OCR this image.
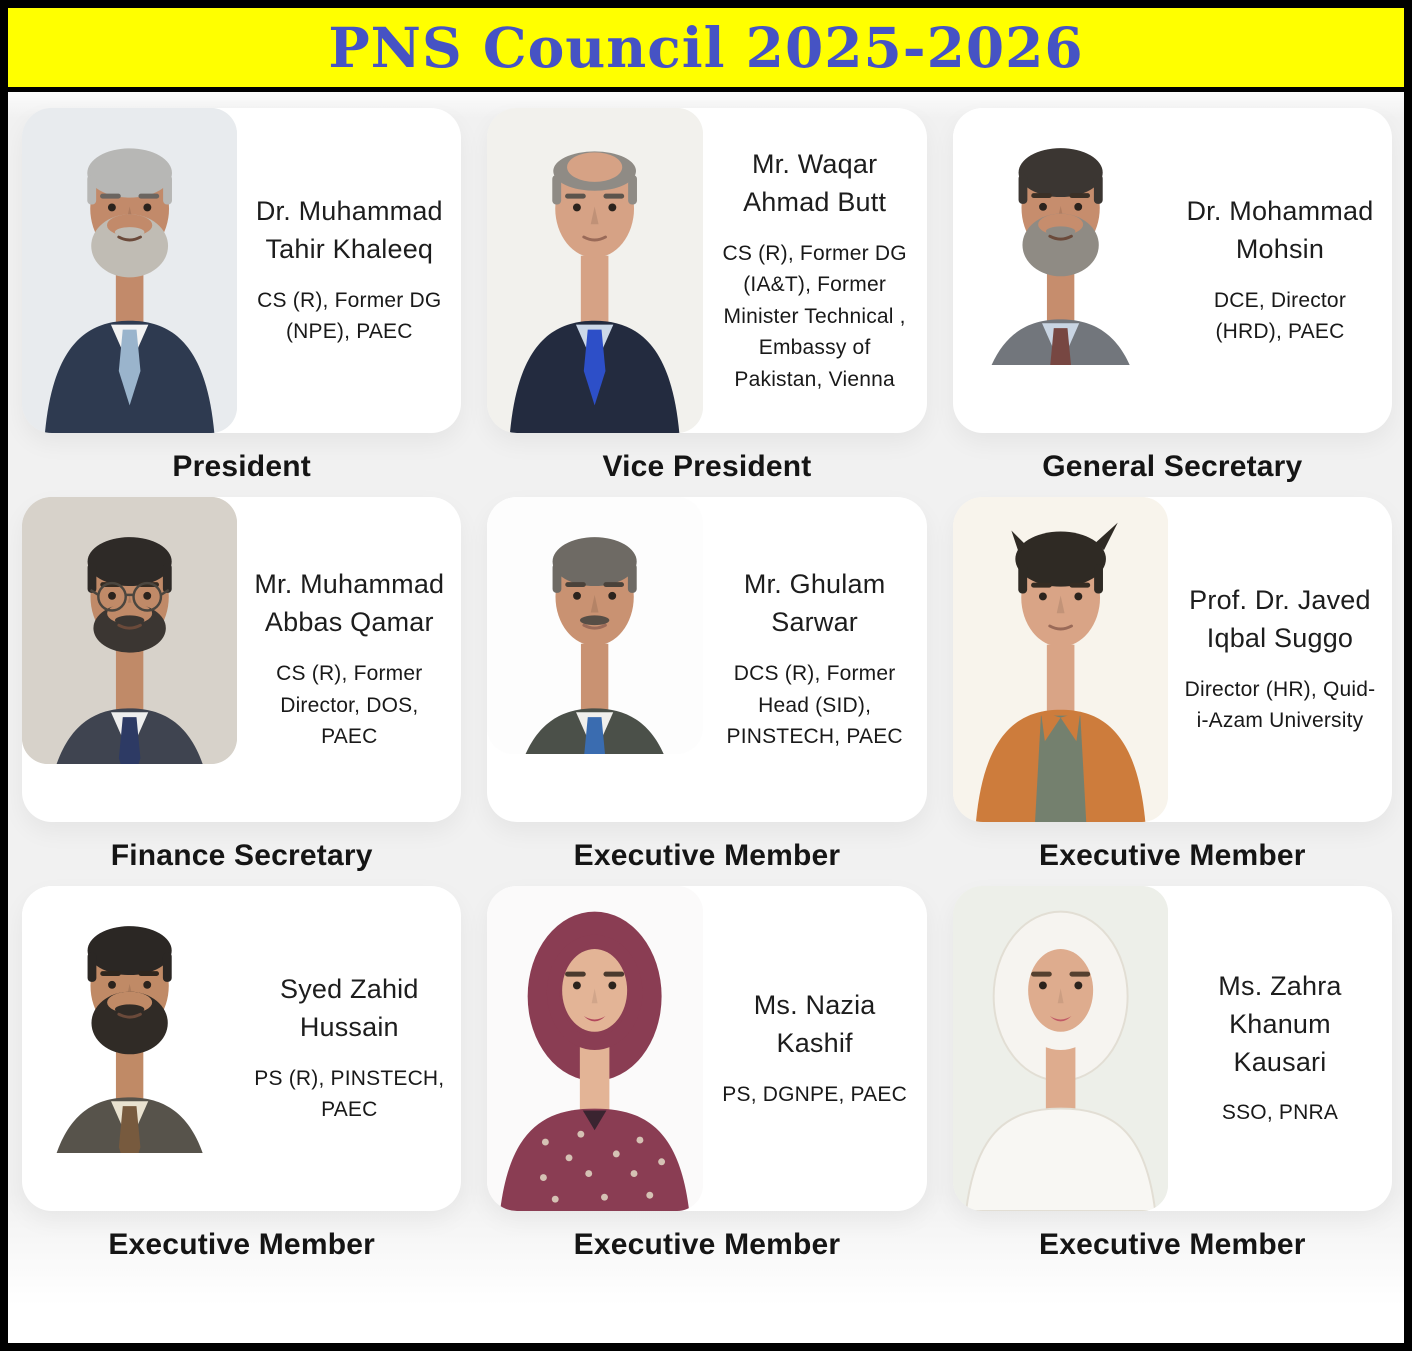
PNS Council 2025-2026
Dr. Muhammad Tahir Khaleeq
CS (R), Former DG (NPE), PAEC
President
Mr. Waqar Ahmad Butt
CS (R), Former DG (IA&T), Former Minister Technical , Embassy of Pakistan, Vienna
Vice President
Dr. Mohammad Mohsin
DCE, Director (HRD), PAEC
General Secretary
Mr. Muhammad Abbas Qamar
CS (R), Former Director, DOS, PAEC
Finance Secretary
Mr. Ghulam Sarwar
DCS (R), Former Head (SID), PINSTECH, PAEC
Executive Member
Prof. Dr. Javed Iqbal Suggo
Director (HR), Quid-i-Azam University
Executive Member
Syed Zahid Hussain
PS (R), PINSTECH, PAEC
Executive Member
Ms. Nazia Kashif
PS, DGNPE, PAEC
Executive Member
Ms. Zahra Khanum Kausari
SSO, PNRA
Executive Member
